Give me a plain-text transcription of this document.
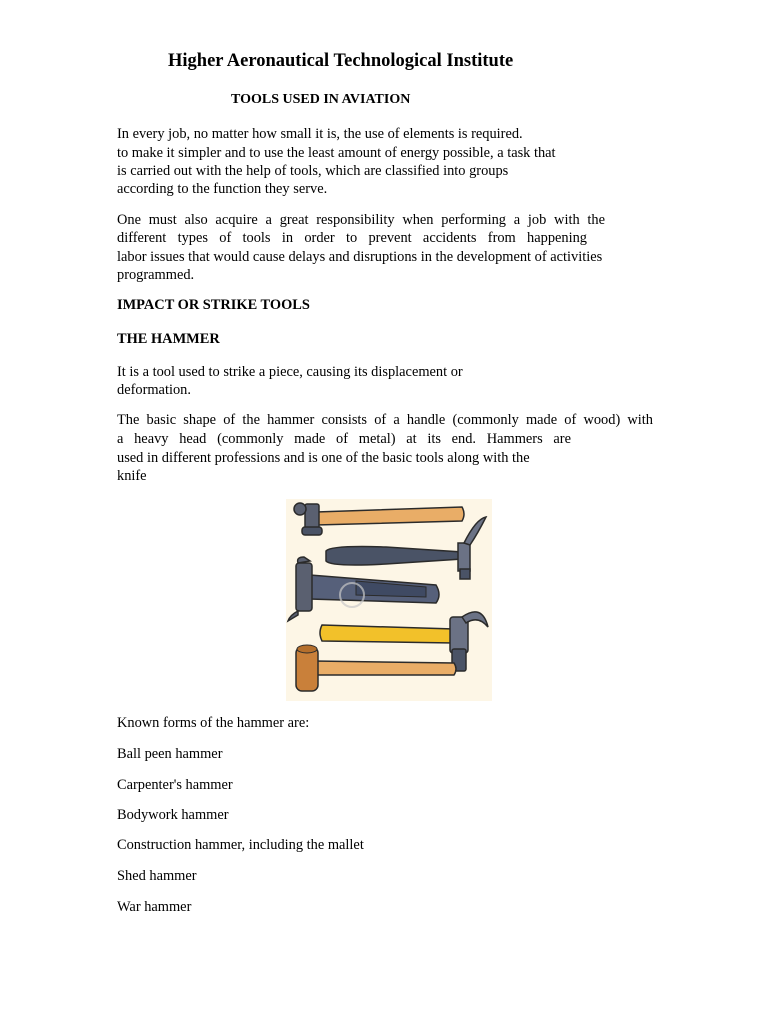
Higher Aeronautical Technological Institute
TOOLS USED IN AVIATION
In every job, no matter how small it is, the use of elements is required.
to make it simpler and to use the least amount of energy possible, a task that
is carried out with the help of tools, which are classified into groups
according to the function they serve.
One must also acquire a great responsibility when performing a job with the
different types of tools in order to prevent accidents from happening
labor issues that would cause delays and disruptions in the development of activities
programmed.
IMPACT OR STRIKE TOOLS
THE HAMMER
It is a tool used to strike a piece, causing its displacement or
deformation.
The basic shape of the hammer consists of a handle (commonly made of wood) with
a heavy head (commonly made of metal) at its end. Hammers are
used in different professions and is one of the basic tools along with the
knife
Known forms of the hammer are:
Ball peen hammer
Carpenter's hammer
Bodywork hammer
Construction hammer, including the mallet
Shed hammer
War hammer
